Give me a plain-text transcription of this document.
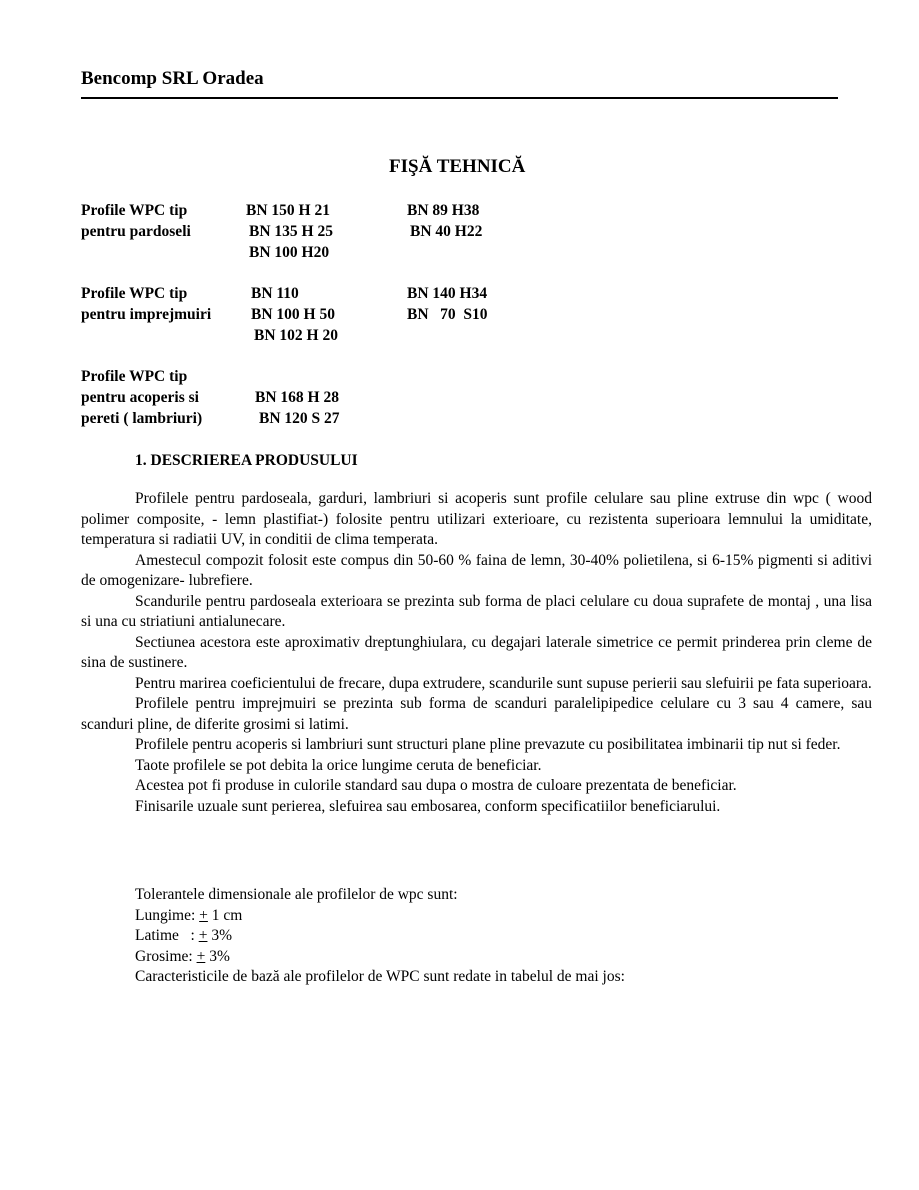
Bencomp SRL Oradea
FIŞĂ TEHNICĂ
Profile WPC tip
pentru pardoseli
BN 150 H 21
BN 135 H 25
BN 100 H20
BN 89 H38
BN 40 H22
Profile WPC tip
pentru imprejmuiri
BN 110
BN 100 H 50
BN 102 H 20
BN 140 H34
BN   70  S10
Profile WPC tip
pentru acoperis si
pereti ( lambriuri)
BN 168 H 28
BN 120 S 27
1. DESCRIEREA PRODUSULUI

Profilele pentru pardoseala, garduri, lambriuri si acoperis sunt profile celulare sau pline extruse din wpc ( wood polimer composite, - lemn plastifiat-) folosite pentru utilizari exterioare, cu rezistenta superioara lemnului la umiditate, temperatura si radiatii UV, in conditii de clima temperata.

Amestecul compozit folosit este compus din 50-60 % faina de lemn, 30-40% polietilena, si 6-15% pigmenti si aditivi de omogenizare- lubrefiere.

Scandurile pentru pardoseala exterioara se prezinta sub forma de placi celulare cu doua suprafete de montaj , una lisa si una cu striatiuni antialunecare.

Sectiunea acestora este aproximativ dreptunghiulara, cu degajari laterale simetrice ce permit prinderea prin cleme de sina de sustinere.

Pentru marirea coeficientului de frecare, dupa extrudere, scandurile sunt supuse perierii sau slefuirii pe fata superioara.

Profilele pentru imprejmuiri se prezinta sub forma de scanduri paralelipipedice celulare cu 3 sau 4 camere, sau scanduri pline, de diferite grosimi si latimi.

Profilele pentru acoperis si lambriuri sunt structuri plane pline prevazute cu posibilitatea imbinarii tip nut si feder.

Taote profilele se pot debita la orice lungime ceruta de beneficiar.

Acestea pot fi produse in culorile standard sau dupa o mostra de culoare prezentata de beneficiar.

Finisarile uzuale sunt perierea, slefuirea sau embosarea, conform specificatiilor beneficiarului.

Tolerantele dimensionale ale profilelor de wpc sunt:
Lungime: + 1 cm
Latime   : + 3%
Grosime: + 3%
Caracteristicile de bază ale profilelor de WPC sunt redate in tabelul de mai jos:
